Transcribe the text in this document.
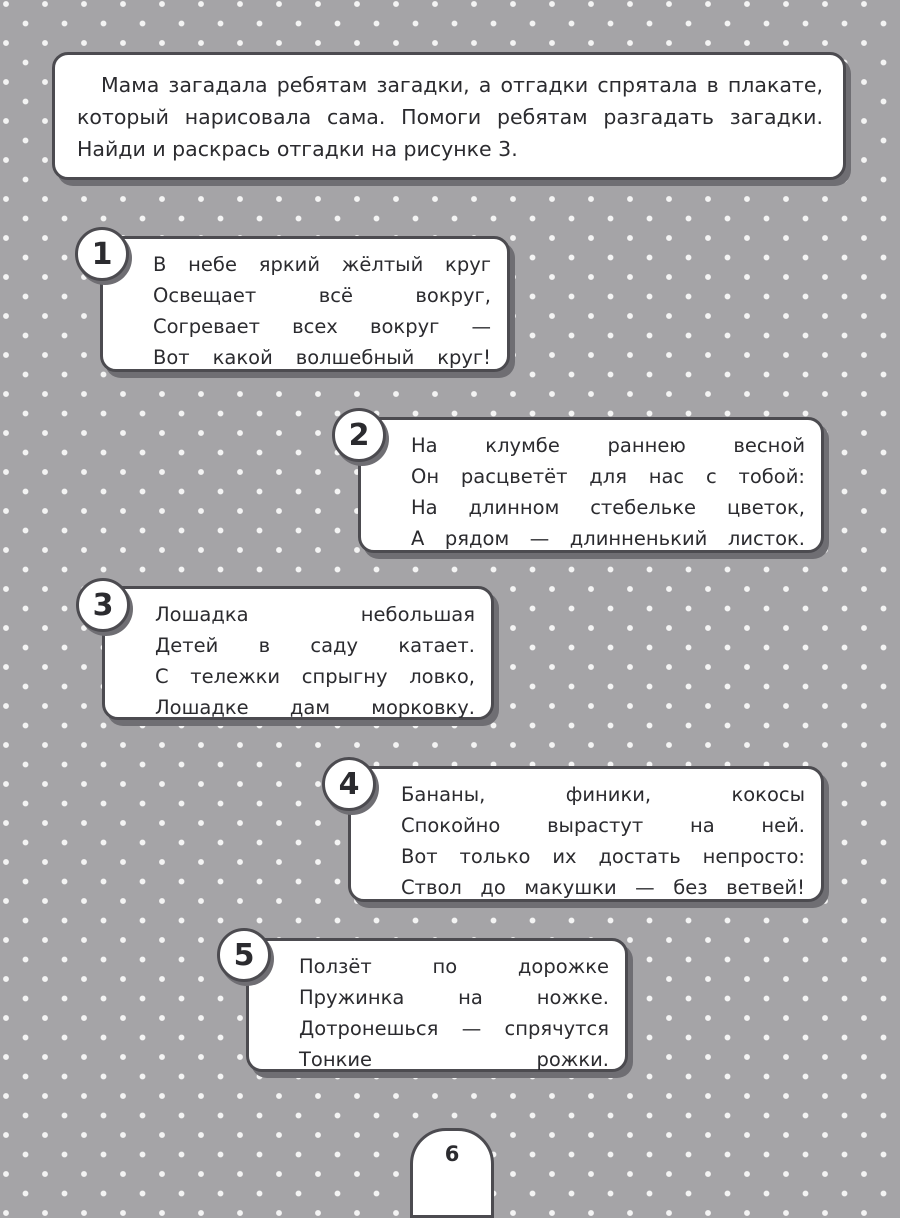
Мама загадала ребятам загадки, а отгадки спрятала в плакате,
который нарисовала сама. Помоги ребятам разгадать загадки.
Найди и раскрась отгадки на рисунке 3.
В небе яркий жёлтый круг
Освещает всё вокруг,
Согревает всех вокруг —
Вот какой волшебный круг!
1
На клумбе раннею весной
Он расцветёт для нас с тобой:
На длинном стебельке цветок,
А рядом — длинненький листок.
2
Лошадка небольшая
Детей в саду катает.
С тележки спрыгну ловко,
Лошадке дам морковку.
3
Бананы, финики, кокосы
Спокойно вырастут на ней.
Вот только их достать непросто:
Ствол до макушки — без ветвей!
4
Ползёт по дорожке
Пружинка на ножке.
Дотронешься — спрячутся
Тонкие рожки.
5
6
